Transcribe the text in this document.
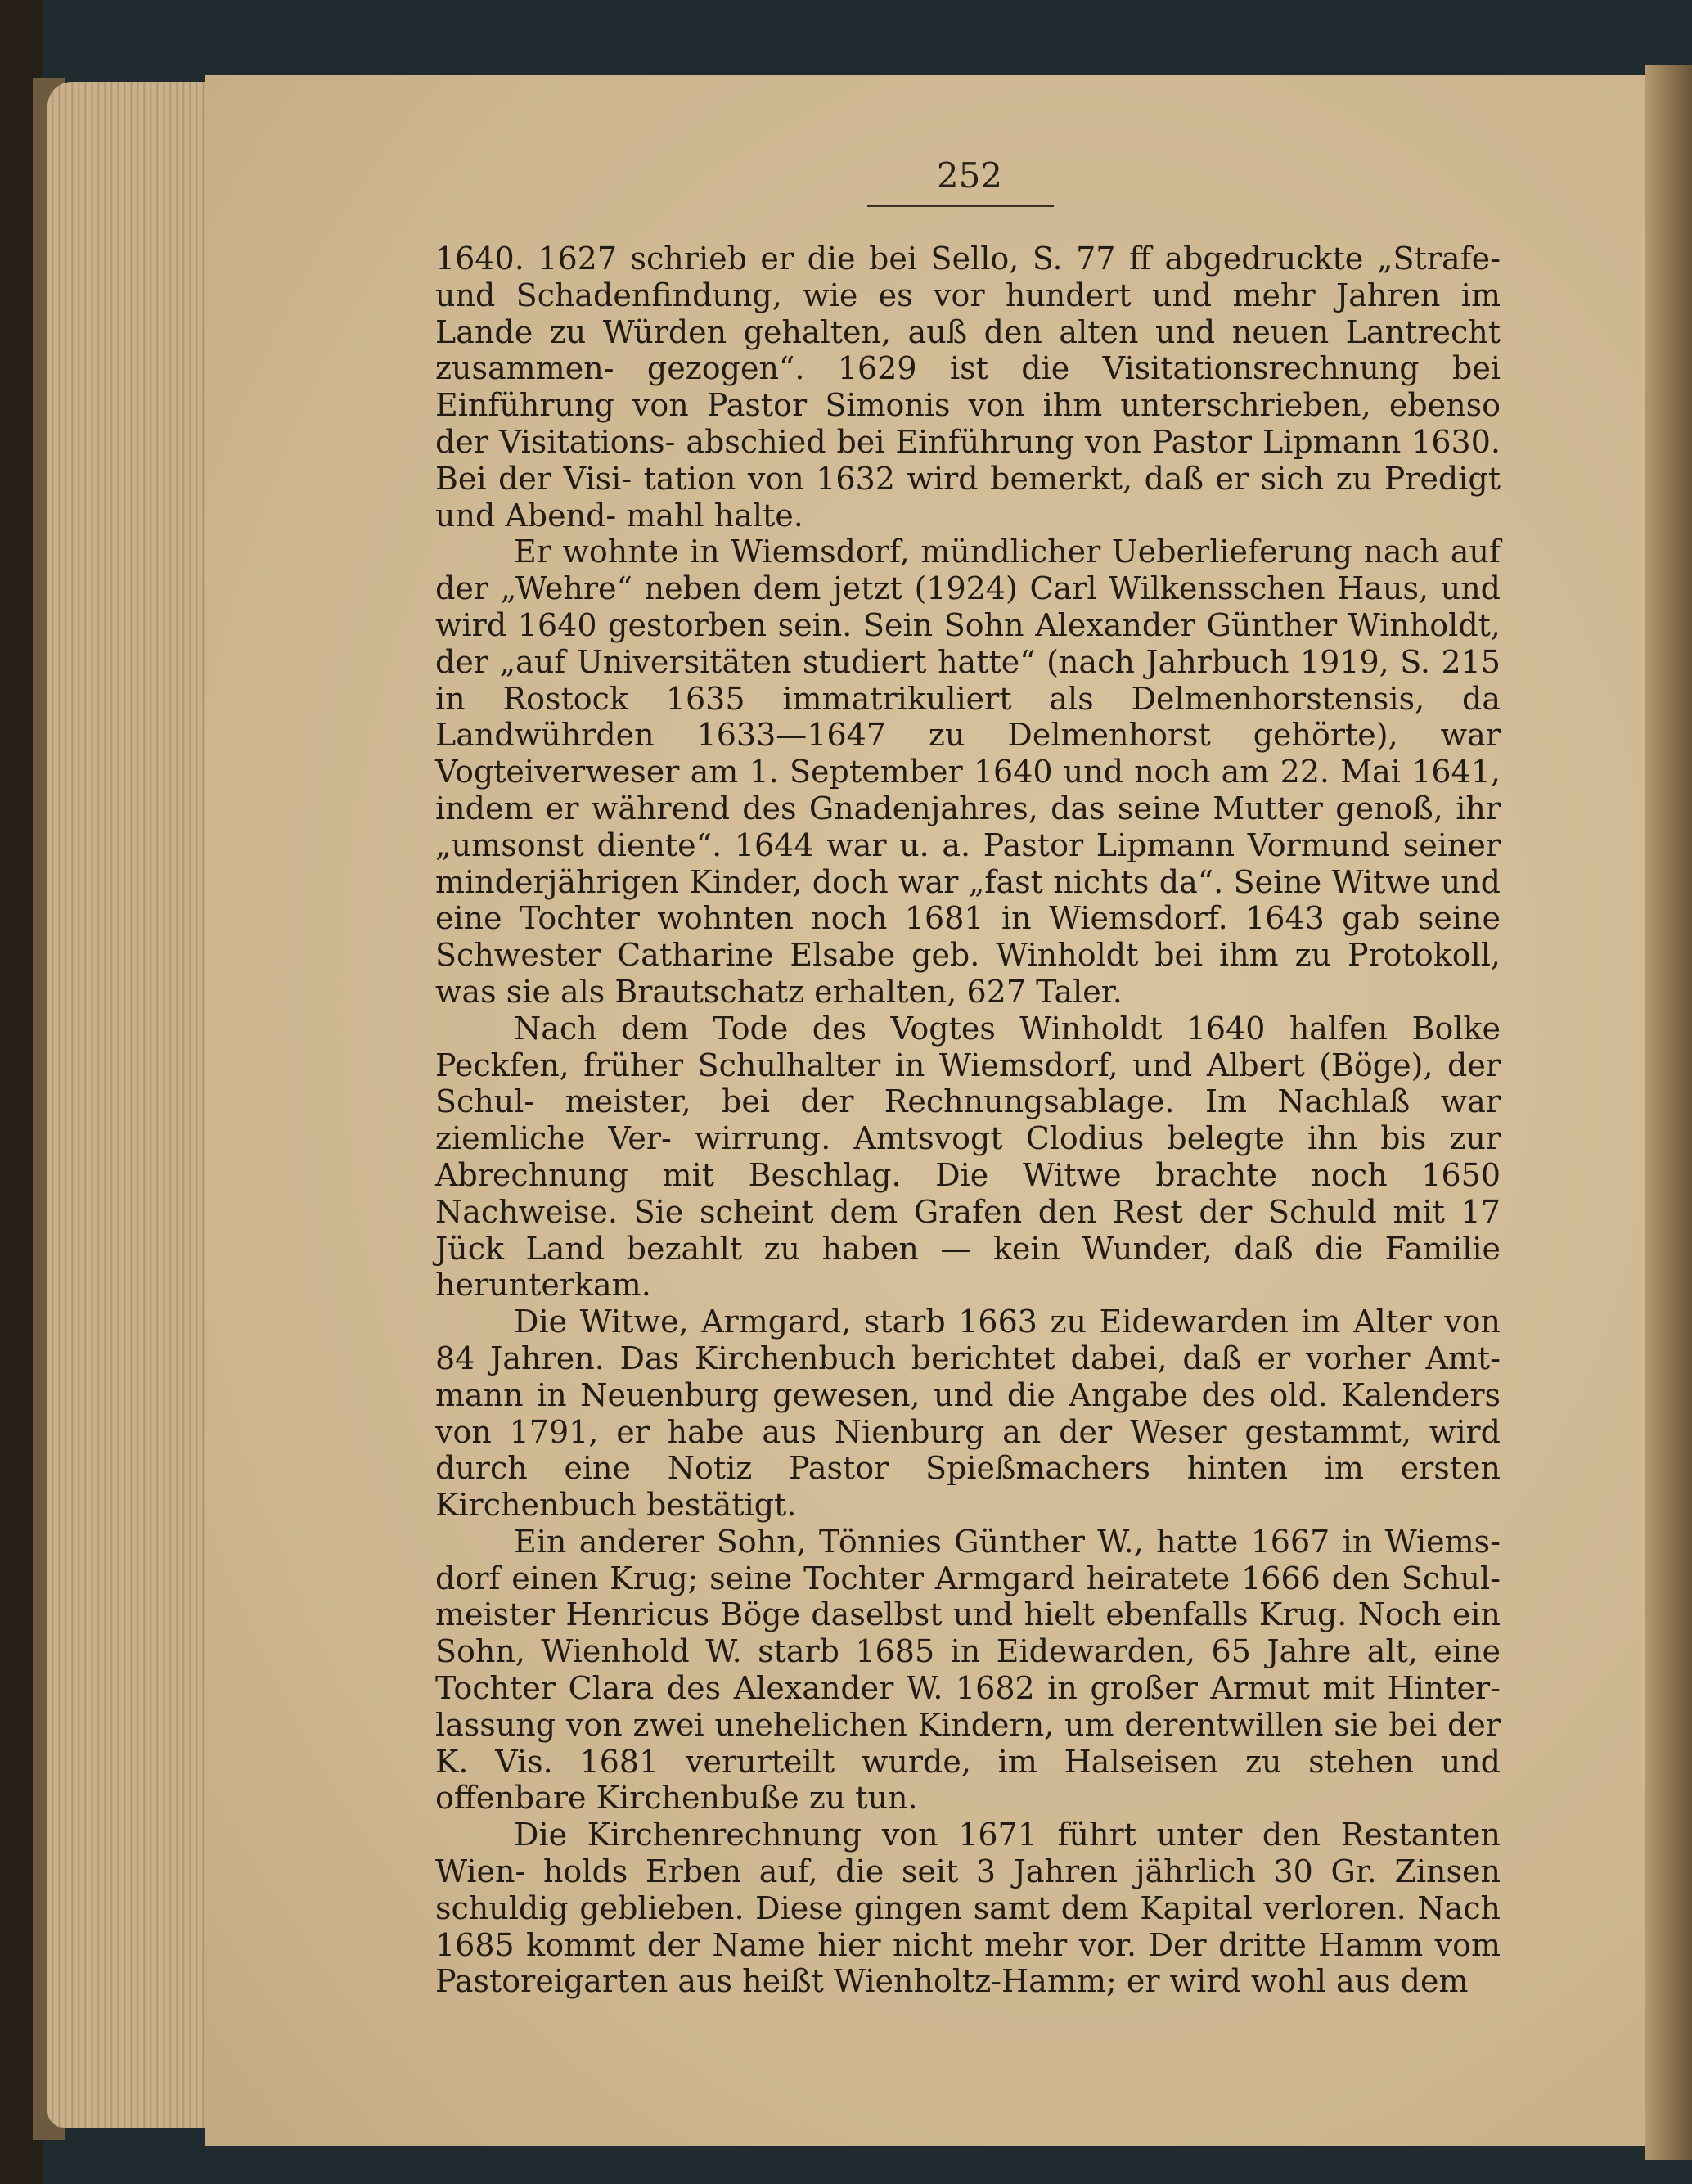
252

1640. 1627 schrieb er die bei Sello, S. 77 ff abgedruckte „Strafe- und Schadenfindung, wie es vor hundert und mehr Jahren im Lande zu Würden gehalten, auß den alten und neuen Lantrecht zusammen- gezogen“. 1629 ist die Visitationsrechnung bei Einführung von Pastor Simonis von ihm unterschrieben, ebenso der Visitations- abschied bei Einführung von Pastor Lipmann 1630. Bei der Visi- tation von 1632 wird bemerkt, daß er sich zu Predigt und Abend- mahl halte.

Er wohnte in Wiemsdorf, mündlicher Ueberlieferung nach auf der „Wehre“ neben dem jetzt (1924) Carl Wilkensschen Haus, und wird 1640 gestorben sein. Sein Sohn Alexander Günther Winholdt, der „auf Universitäten studiert hatte“ (nach Jahrbuch 1919, S. 215 in Rostock 1635 immatrikuliert als Delmenhorstensis, da Landwührden 1633—1647 zu Delmenhorst gehörte), war Vogteiverweser am 1. September 1640 und noch am 22. Mai 1641, indem er während des Gnadenjahres, das seine Mutter genoß, ihr „umsonst diente“. 1644 war u. a. Pastor Lipmann Vormund seiner minderjährigen Kinder, doch war „fast nichts da“. Seine Witwe und eine Tochter wohnten noch 1681 in Wiemsdorf. 1643 gab seine Schwester Catharine Elsabe geb. Winholdt bei ihm zu Protokoll, was sie als Brautschatz erhalten, 627 Taler.

Nach dem Tode des Vogtes Winholdt 1640 halfen Bolke Peckfen, früher Schulhalter in Wiemsdorf, und Albert (Böge), der Schul- meister, bei der Rechnungsablage. Im Nachlaß war ziemliche Ver- wirrung. Amtsvogt Clodius belegte ihn bis zur Abrechnung mit Beschlag. Die Witwe brachte noch 1650 Nachweise. Sie scheint dem Grafen den Rest der Schuld mit 17 Jück Land bezahlt zu haben — kein Wunder, daß die Familie herunterkam.

Die Witwe, Armgard, starb 1663 zu Eidewarden im Alter von 84 Jahren. Das Kirchenbuch berichtet dabei, daß er vorher Amt- mann in Neuenburg gewesen, und die Angabe des old. Kalenders von 1791, er habe aus Nienburg an der Weser gestammt, wird durch eine Notiz Pastor Spießmachers hinten im ersten Kirchenbuch bestätigt.

Ein anderer Sohn, Tönnies Günther W., hatte 1667 in Wiems- dorf einen Krug; seine Tochter Armgard heiratete 1666 den Schul- meister Henricus Böge daselbst und hielt ebenfalls Krug. Noch ein Sohn, Wienhold W. starb 1685 in Eidewarden, 65 Jahre alt, eine Tochter Clara des Alexander W. 1682 in großer Armut mit Hinter- lassung von zwei unehelichen Kindern, um derentwillen sie bei der K. Vis. 1681 verurteilt wurde, im Halseisen zu stehen und offenbare Kirchenbuße zu tun.

Die Kirchenrechnung von 1671 führt unter den Restanten Wien- holds Erben auf, die seit 3 Jahren jährlich 30 Gr. Zinsen schuldig geblieben. Diese gingen samt dem Kapital verloren. Nach 1685 kommt der Name hier nicht mehr vor. Der dritte Hamm vom Pastoreigarten aus heißt Wienholtz-Hamm; er wird wohl aus dem
